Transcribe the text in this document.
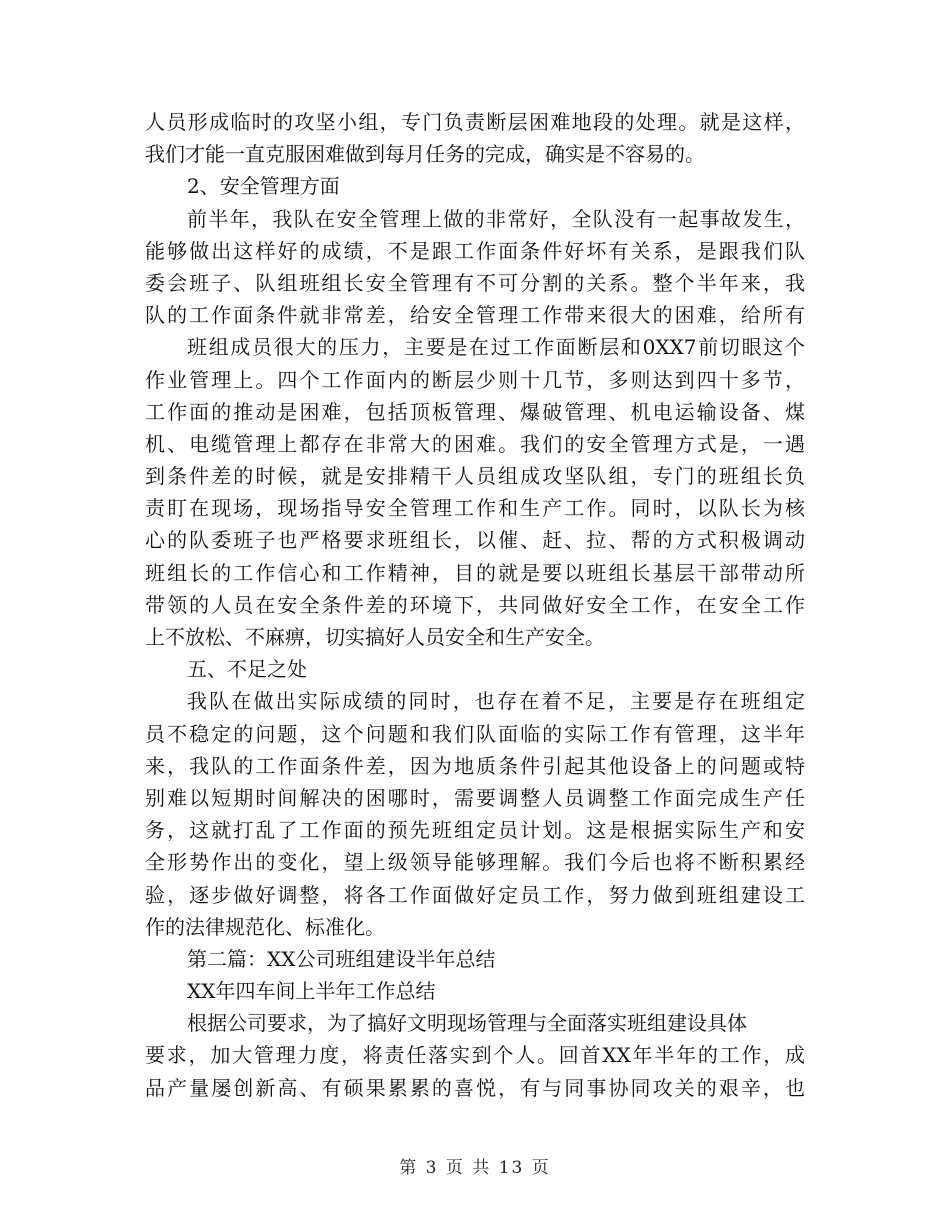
人员形成临时的攻坚小组，专门负责断层困难地段的处理。就是这样，
我们才能一直克服困难做到每月任务的完成，确实是不容易的。
2、安全管理方面
前半年，我队在安全管理上做的非常好，全队没有一起事故发生，
能够做出这样好的成绩，不是跟工作面条件好坏有关系，是跟我们队
委会班子、队组班组长安全管理有不可分割的关系。整个半年来，我
队的工作面条件就非常差，给安全管理工作带来很大的困难，给所有
班组成员很大的压力，主要是在过工作面断层和0XX7前切眼这个
作业管理上。四个工作面内的断层少则十几节，多则达到四十多节，
工作面的推动是困难，包括顶板管理、爆破管理、机电运输设备、煤
机、电缆管理上都存在非常大的困难。我们的安全管理方式是，一遇
到条件差的时候，就是安排精干人员组成攻坚队组，专门的班组长负
责盯在现场，现场指导安全管理工作和生产工作。同时，以队长为核
心的队委班子也严格要求班组长，以催、赶、拉、帮的方式积极调动
班组长的工作信心和工作精神，目的就是要以班组长基层干部带动所
带领的人员在安全条件差的环境下，共同做好安全工作，在安全工作
上不放松、不麻痹，切实搞好人员安全和生产安全。
五、不足之处
我队在做出实际成绩的同时，也存在着不足，主要是存在班组定
员不稳定的问题，这个问题和我们队面临的实际工作有管理，这半年
来，我队的工作面条件差，因为地质条件引起其他设备上的问题或特
别难以短期时间解决的困哪时，需要调整人员调整工作面完成生产任
务，这就打乱了工作面的预先班组定员计划。这是根据实际生产和安
全形势作出的变化，望上级领导能够理解。我们今后也将不断积累经
验，逐步做好调整，将各工作面做好定员工作，努力做到班组建设工
作的法律规范化、标准化。
第二篇：XX公司班组建设半年总结
XX年四车间上半年工作总结
根据公司要求，为了搞好文明现场管理与全面落实班组建设具体
要求，加大管理力度，将责任落实到个人。回首XX年半年的工作，成
品产量屡创新高、有硕果累累的喜悦，有与同事协同攻关的艰辛，也
第 3 页 共 13 页
